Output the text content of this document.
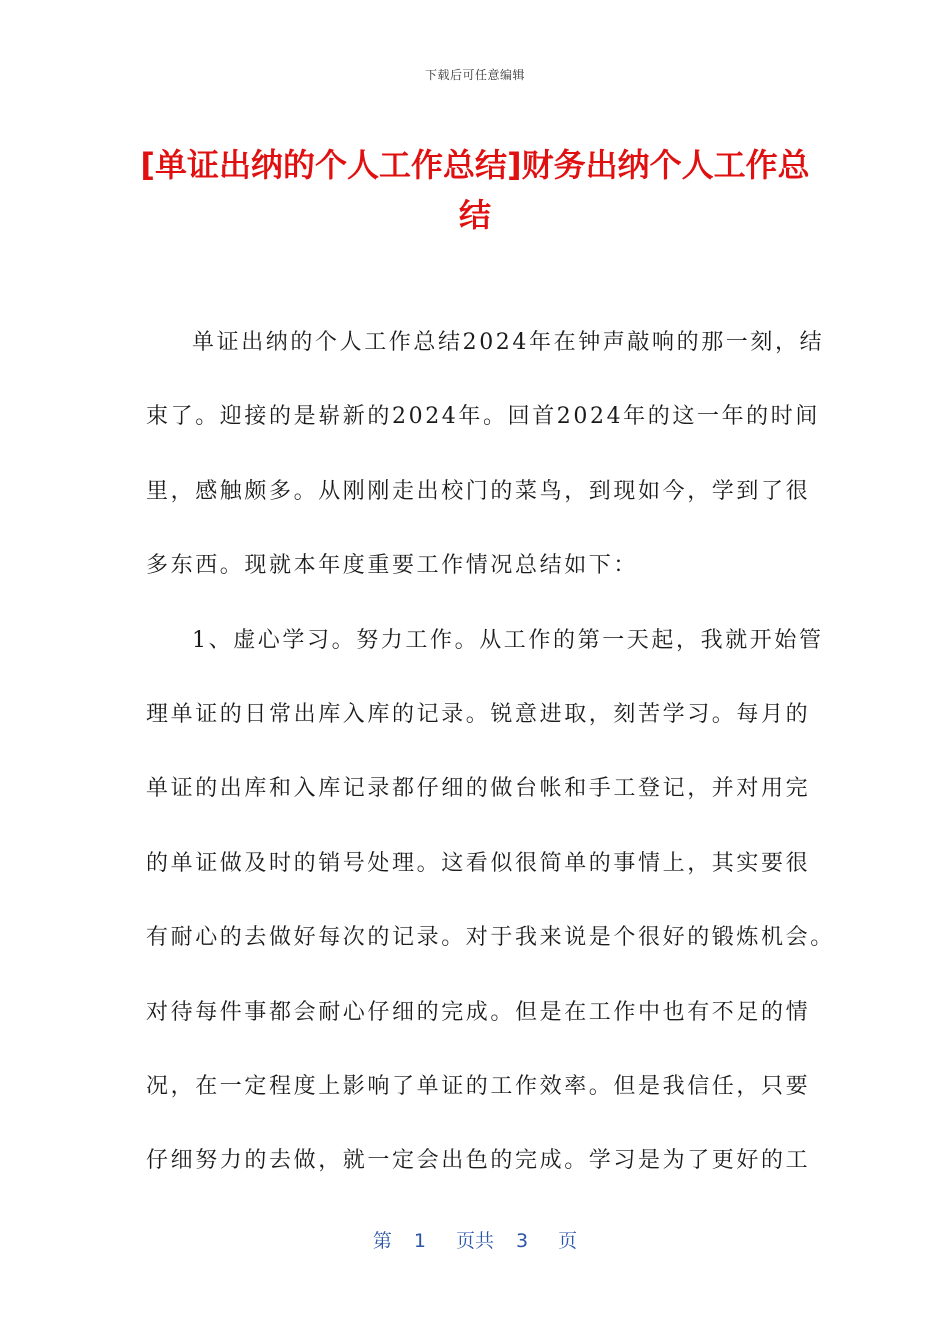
下载后可任意编辑
[单证出纳的个人工作总结]财务出纳个人工作总结
单证出纳的个人工作总结2024年在钟声敲响的那一刻，结
束了。迎接的是崭新的2024年。回首2024年的这一年的时间
里，感触颇多。从刚刚走出校门的菜鸟，到现如今，学到了很
多东西。现就本年度重要工作情况总结如下：
1、虚心学习。努力工作。从工作的第一天起，我就开始管
理单证的日常出库入库的记录。锐意进取，刻苦学习。每月的
单证的出库和入库记录都仔细的做台帐和手工登记，并对用完
的单证做及时的销号处理。这看似很简单的事情上，其实要很
有耐心的去做好每次的记录。对于我来说是个很好的锻炼机会。
对待每件事都会耐心仔细的完成。但是在工作中也有不足的情
况，在一定程度上影响了单证的工作效率。但是我信任，只要
仔细努力的去做，就一定会出色的完成。学习是为了更好的工
第 1 页共 3 页
